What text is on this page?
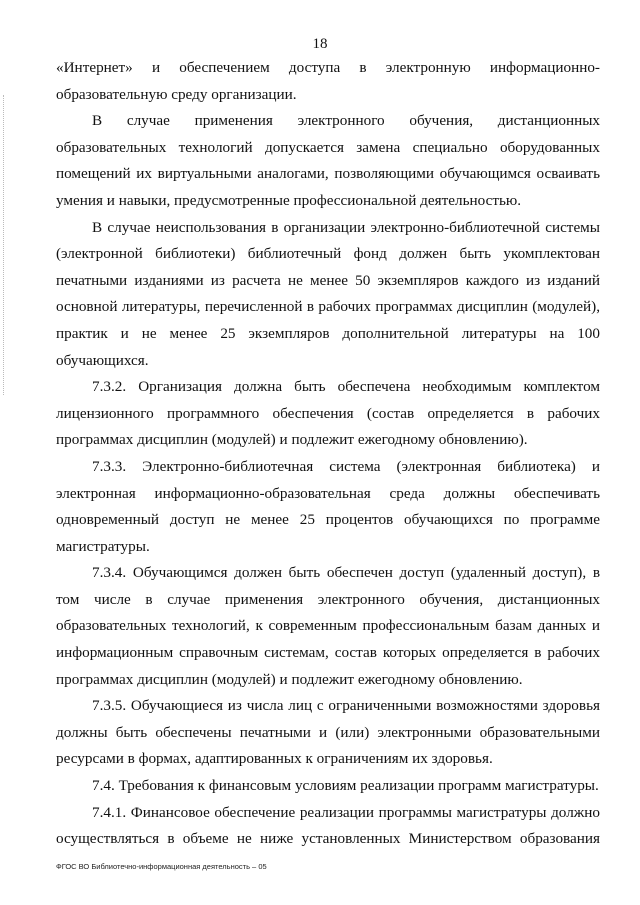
18

«Интернет» и обеспечением доступа в электронную информационно-образовательную среду организации.

В случае применения электронного обучения, дистанционных образовательных технологий допускается замена специально оборудованных помещений их виртуальными аналогами, позволяющими обучающимся осваивать умения и навыки, предусмотренные профессиональной деятельностью.

В случае неиспользования в организации электронно-библиотечной системы (электронной библиотеки) библиотечный фонд должен быть укомплектован печатными изданиями из расчета не менее 50 экземпляров каждого из изданий основной литературы, перечисленной в рабочих программах дисциплин (модулей), практик и не менее 25 экземпляров дополнительной литературы на 100 обучающихся.

7.3.2. Организация должна быть обеспечена необходимым комплектом лицензионного программного обеспечения (состав определяется в рабочих программах дисциплин (модулей) и подлежит ежегодному обновлению).

7.3.3. Электронно-библиотечная система (электронная библиотека) и электронная информационно-образовательная среда должны обеспечивать одновременный доступ не менее 25 процентов обучающихся по программе магистратуры.

7.3.4. Обучающимся должен быть обеспечен доступ (удаленный доступ), в том числе в случае применения электронного обучения, дистанционных образовательных технологий, к современным профессиональным базам данных и информационным справочным системам, состав которых определяется в рабочих программах дисциплин (модулей) и подлежит ежегодному обновлению.

7.3.5. Обучающиеся из числа лиц с ограниченными возможностями здоровья должны быть обеспечены печатными и (или) электронными образовательными ресурсами в формах, адаптированных к ограничениям их здоровья.

7.4. Требования к финансовым условиям реализации программ магистратуры.

7.4.1. Финансовое обеспечение реализации программы магистратуры должно осуществляться в объеме не ниже установленных Министерством образования

ФГОС ВО Библиотечно-информационная деятельность – 05
